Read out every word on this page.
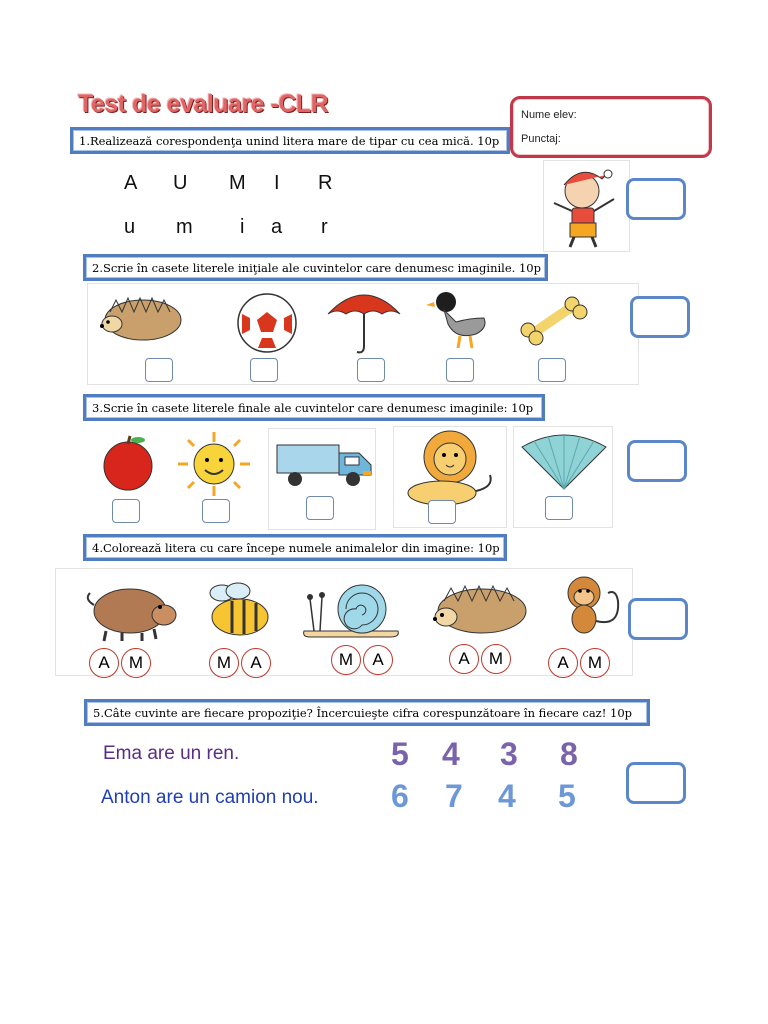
Test de evaluare -CLR	Nume elev:
Punctaj:
1.Realizează corespondenţa unind litera mare de tipar cu cea mică. 10p
A U M I R
u m i a r
2.Scrie în casete literele iniţiale ale cuvintelor care denumesc imaginile. 10p
3.Scrie în casete literele finale ale cuvintelor care denumesc imaginile: 10p
4.Colorează litera cu care începe numele animalelor din imagine: 10p
A	M	M	A	M	A	A	M	A	M
5.Câte cuvinte are fiecare propoziţie? Încercuieşte cifra corespunzătoare în fiecare caz! 10p
Ema are un ren.
Anton are un camion nou.
5 4 3 8
6 7 4 5
